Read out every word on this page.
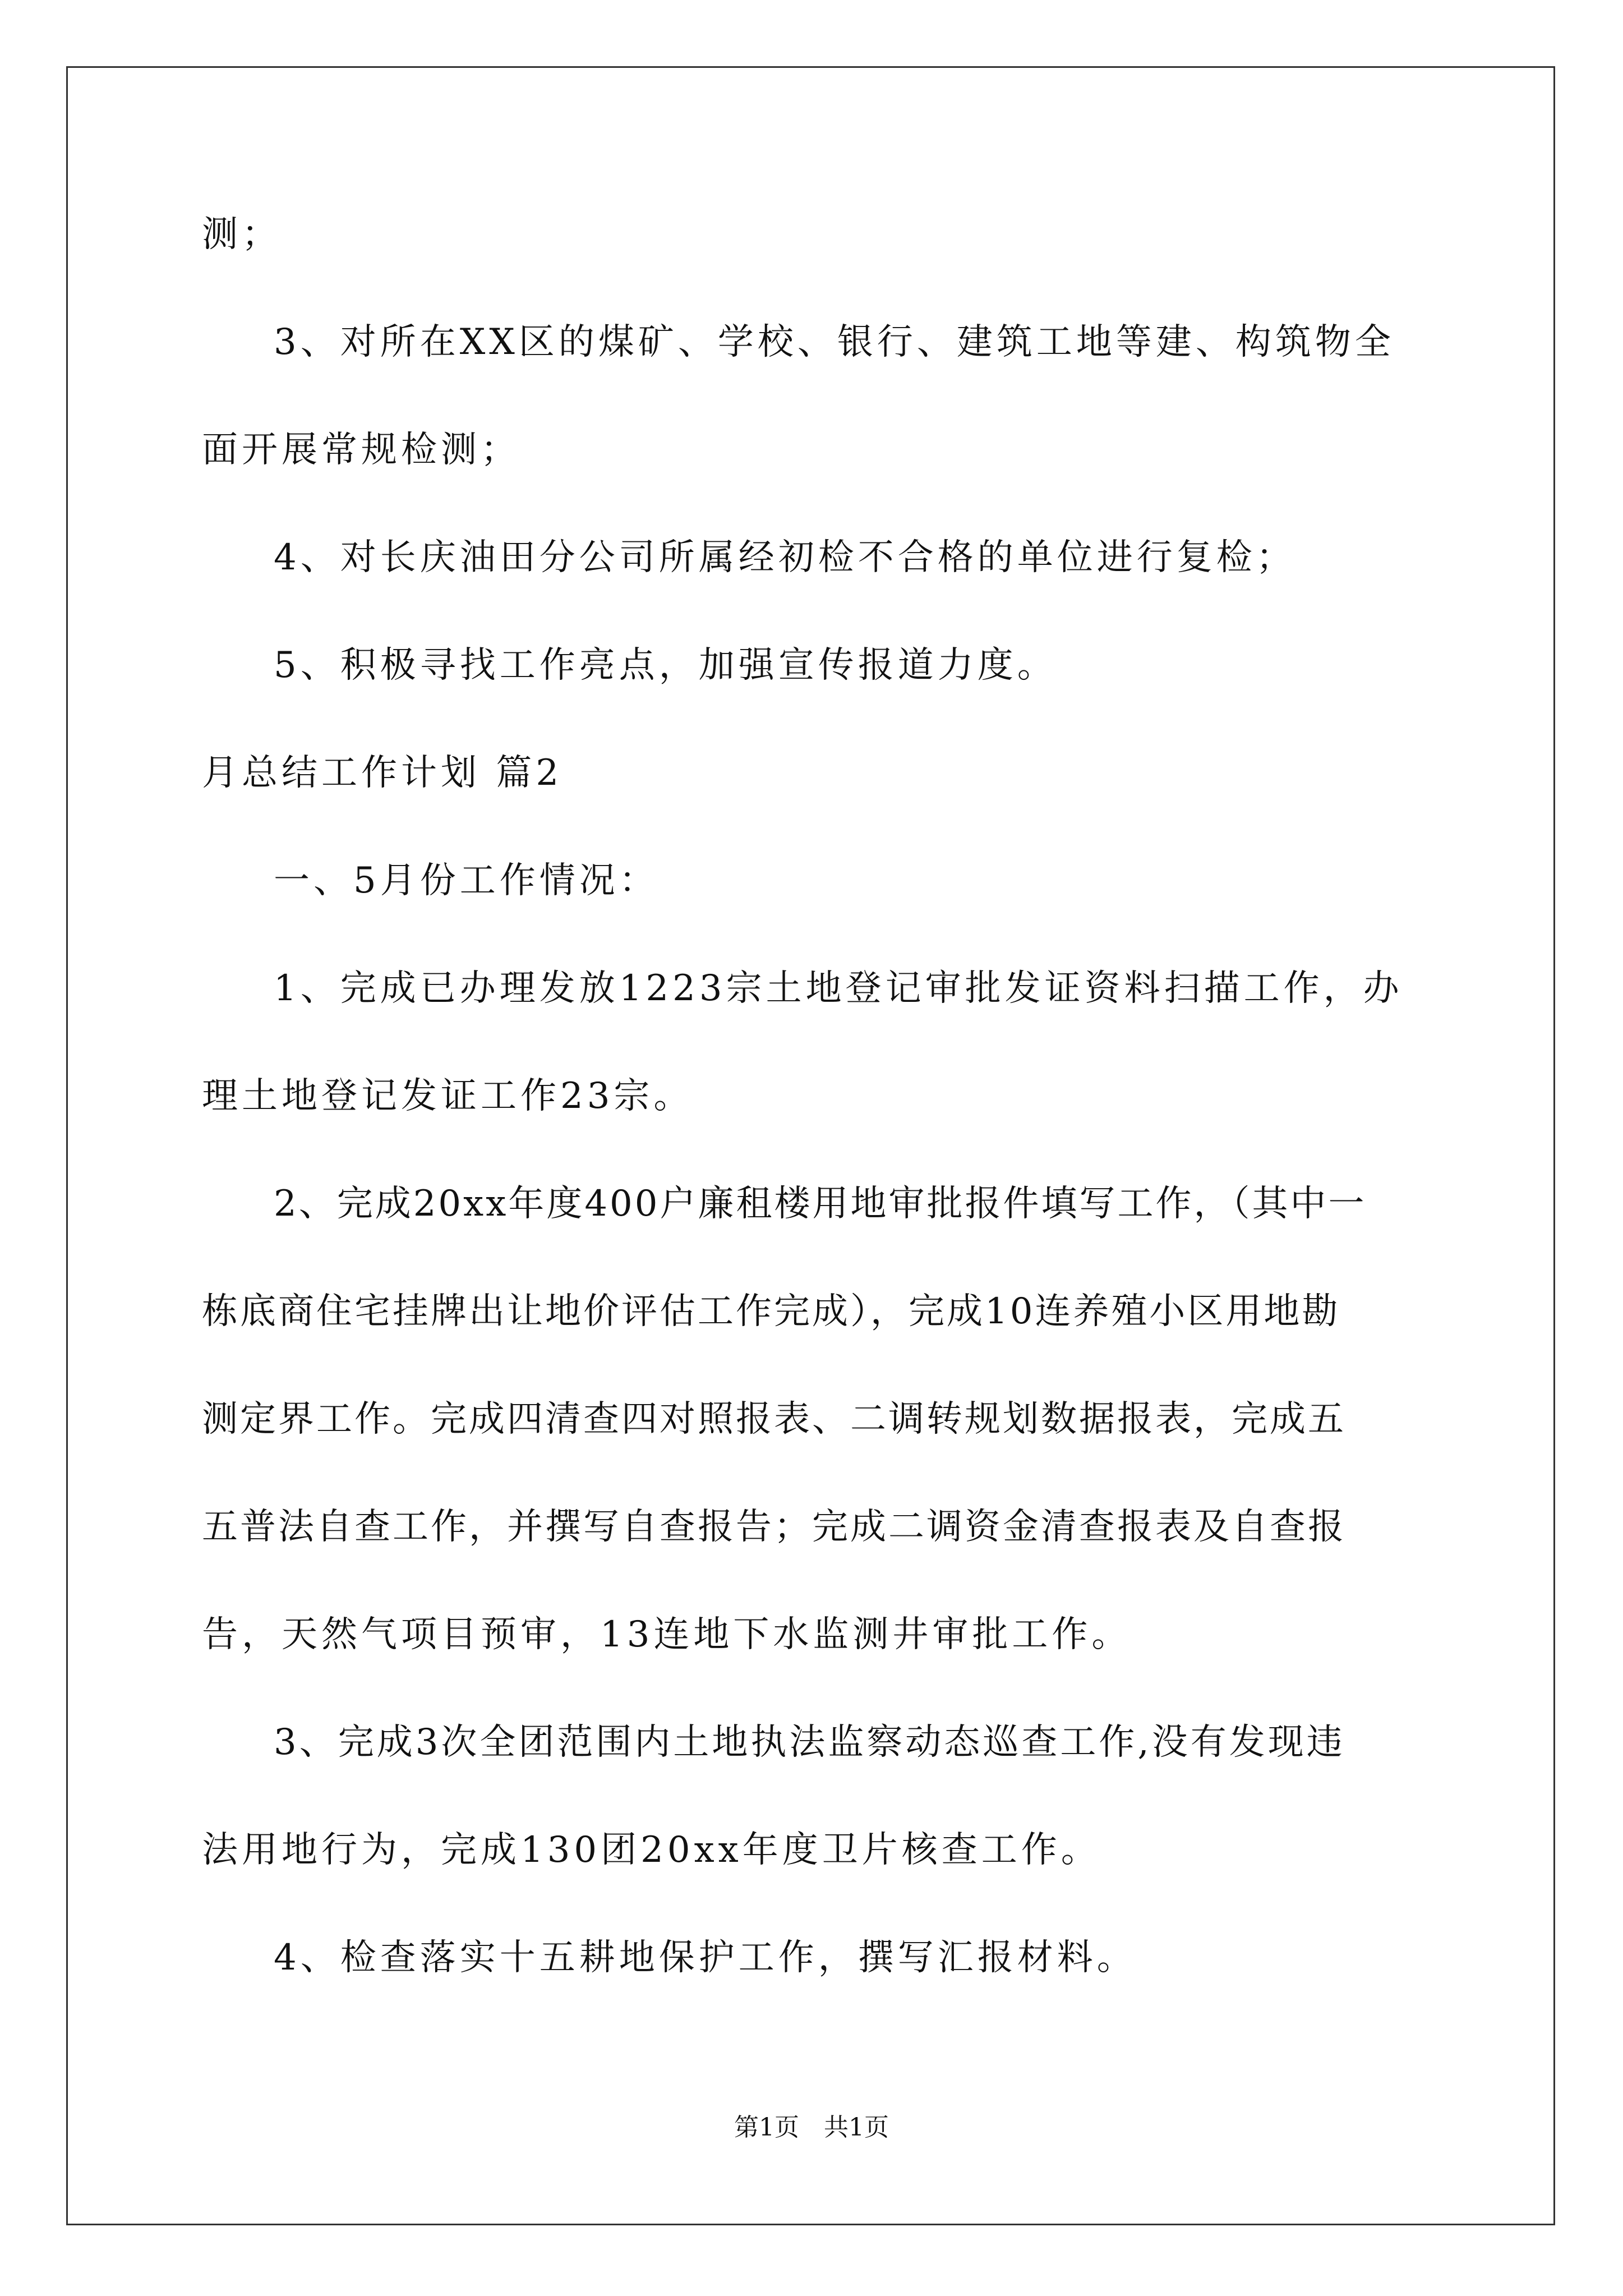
测；
3、对所在XX区的煤矿、学校、银行、建筑工地等建、构筑物全
面开展常规检测；
4、对长庆油田分公司所属经初检不合格的单位进行复检；
5、积极寻找工作亮点，加强宣传报道力度。
月总结工作计划 篇2
一、5月份工作情况：
1、完成已办理发放1223宗土地登记审批发证资料扫描工作，办
理土地登记发证工作23宗。
2、完成20xx年度400户廉租楼用地审批报件填写工作，（其中一
栋底商住宅挂牌出让地价评估工作完成），完成10连养殖小区用地勘
测定界工作。完成四清查四对照报表、二调转规划数据报表，完成五
五普法自查工作，并撰写自查报告；完成二调资金清查报表及自查报
告，天然气项目预审，13连地下水监测井审批工作。
3、完成3次全团范围内土地执法监察动态巡查工作,没有发现违
法用地行为，完成130团20xx年度卫片核查工作。
4、检查落实十五耕地保护工作，撰写汇报材料。
第1页 共1页
